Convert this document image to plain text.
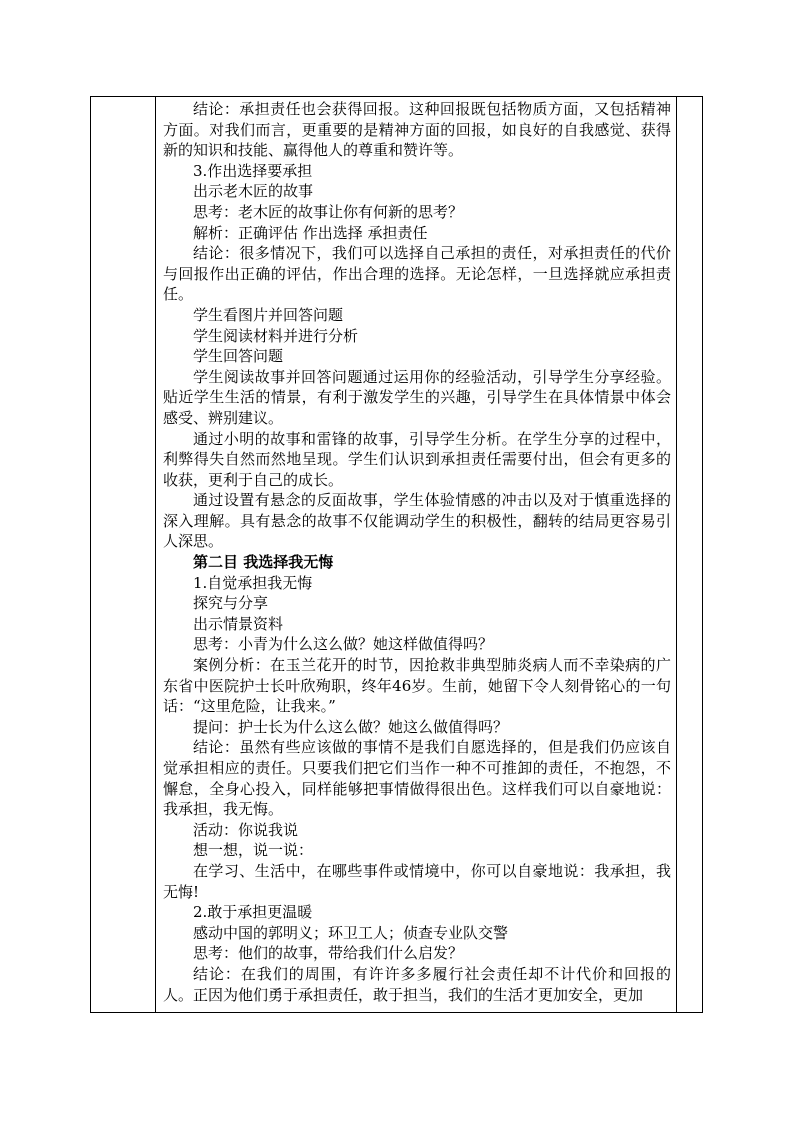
结论：承担责任也会获得回报。这种回报既包括物质方面，又包括精神方面。对我们而言，更重要的是精神方面的回报，如良好的自我感觉、获得新的知识和技能、赢得他人的尊重和赞许等。

3.作出选择要承担

出示老木匠的故事

思考：老木匠的故事让你有何新的思考？

解析：正确评估 作出选择 承担责任

结论：很多情况下，我们可以选择自己承担的责任，对承担责任的代价与回报作出正确的评估，作出合理的选择。无论怎样，一旦选择就应承担责任。

学生看图片并回答问题

学生阅读材料并进行分析

学生回答问题

学生阅读故事并回答问题通过运用你的经验活动，引导学生分享经验。贴近学生生活的情景，有利于激发学生的兴趣，引导学生在具体情景中体会感受、辨别建议。

通过小明的故事和雷锋的故事，引导学生分析。在学生分享的过程中，利弊得失自然而然地呈现。学生们认识到承担责任需要付出，但会有更多的收获，更利于自己的成长。

通过设置有悬念的反面故事，学生体验情感的冲击以及对于慎重选择的深入理解。具有悬念的故事不仅能调动学生的积极性，翻转的结局更容易引人深思。

第二目 我选择我无悔

1.自觉承担我无悔

探究与分享

出示情景资料

思考：小青为什么这么做？她这样做值得吗？

案例分析：在玉兰花开的时节，因抢救非典型肺炎病人而不幸染病的广东省中医院护士长叶欣殉职，终年46岁。生前，她留下令人刻骨铭心的一句话：“这里危险，让我来。”

提问：护士长为什么这么做？她这么做值得吗？

结论：虽然有些应该做的事情不是我们自愿选择的，但是我们仍应该自觉承担相应的责任。只要我们把它们当作一种不可推卸的责任，不抱怨，不懈怠，全身心投入，同样能够把事情做得很出色。这样我们可以自豪地说：我承担，我无悔。

活动：你说我说

想一想，说一说：

在学习、生活中，在哪些事件或情境中，你可以自豪地说：我承担，我无悔!

2.敢于承担更温暖

感动中国的郭明义；环卫工人；侦查专业队交警

思考：他们的故事，带给我们什么启发？

结论：在我们的周围，有许许多多履行社会责任却不计代价和回报的人。正因为他们勇于承担责任，敢于担当，我们的生活才更加安全，更加
